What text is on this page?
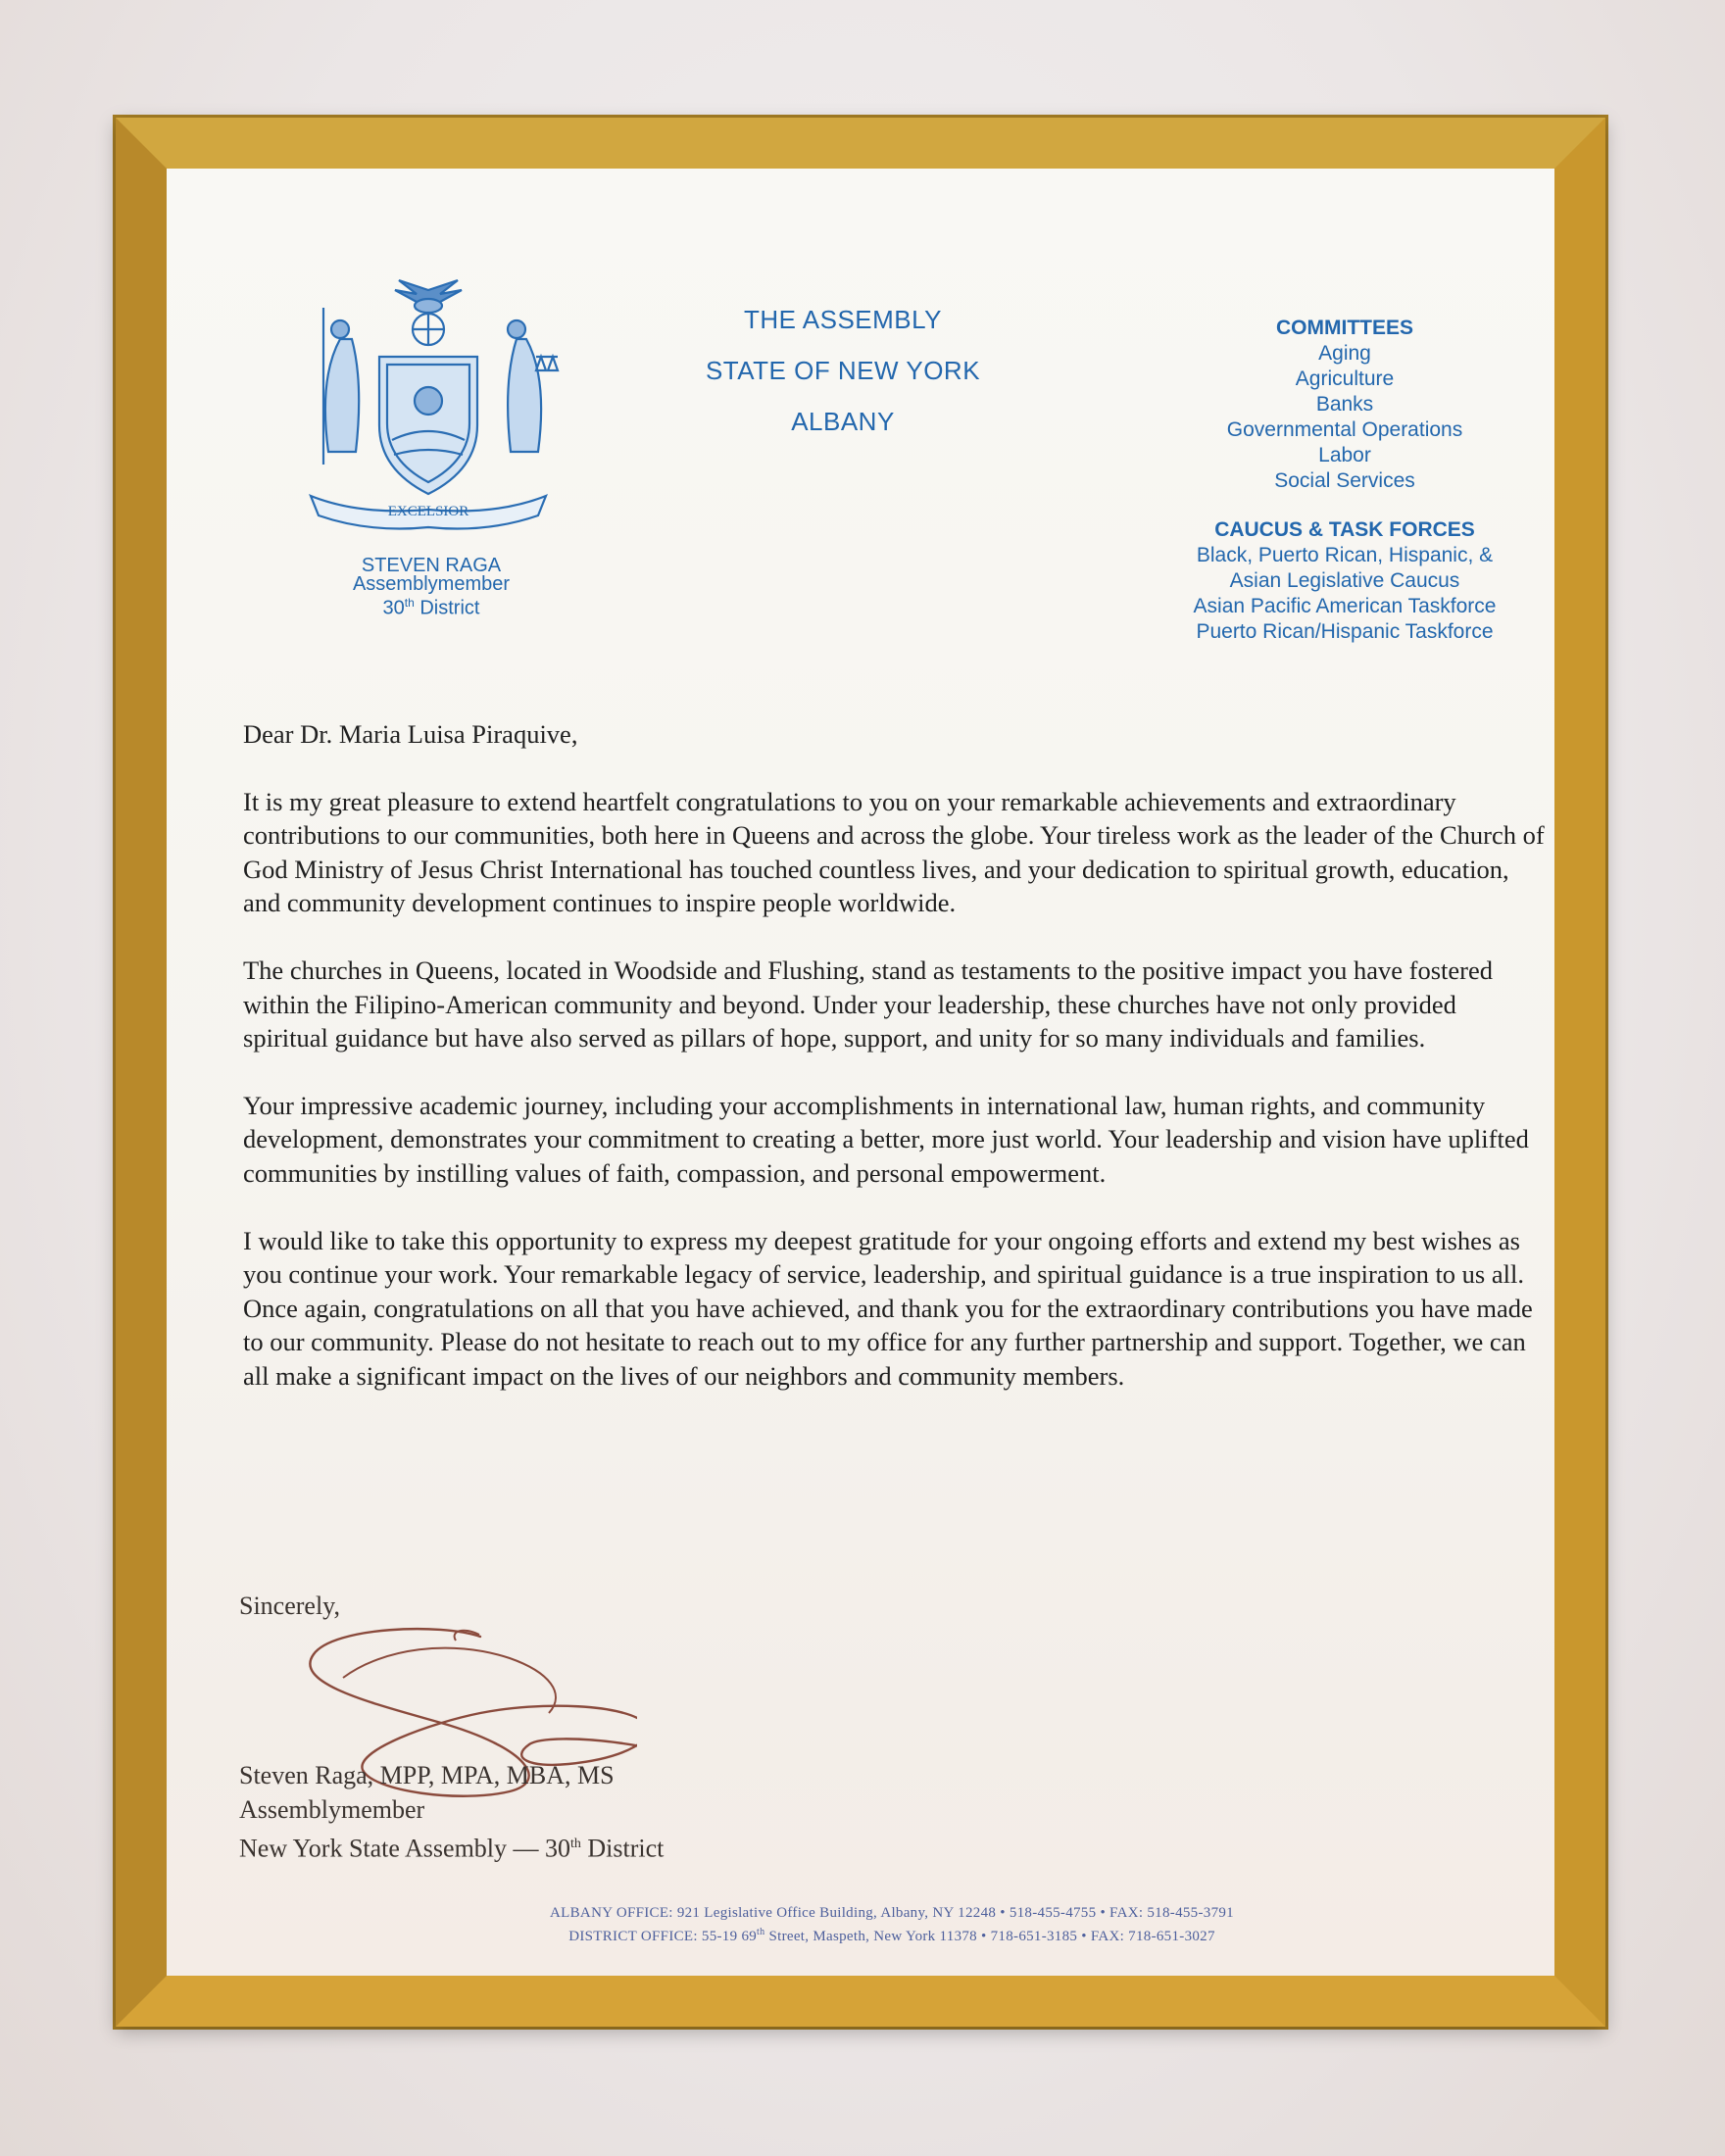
EXCELSIOR
STEVEN RAGA
Assemblymember
30th District
THE ASSEMBLY
STATE OF NEW YORK
ALBANY
COMMITTEES
Aging
Agriculture
Banks
Governmental Operations
Labor
Social Services
CAUCUS & TASK FORCES
Black, Puerto Rican, Hispanic, &
Asian Legislative Caucus
Asian Pacific American Taskforce
Puerto Rican/Hispanic Taskforce

Dear Dr. Maria Luisa Piraquive,

It is my great pleasure to extend heartfelt congratulations to you on your remarkable achievements and extraordinary contributions to our communities, both here in Queens and across the globe. Your tireless work as the leader of the Church of God Ministry of Jesus Christ International has touched countless lives, and your dedication to spiritual growth, education, and community development continues to inspire people worldwide.

The churches in Queens, located in Woodside and Flushing, stand as testaments to the positive impact you have fostered within the Filipino-American community and beyond. Under your leadership, these churches have not only provided spiritual guidance but have also served as pillars of hope, support, and unity for so many individuals and families.

Your impressive academic journey, including your accomplishments in international law, human rights, and community development, demonstrates your commitment to creating a better, more just world. Your leadership and vision have uplifted communities by instilling values of faith, compassion, and personal empowerment.

I would like to take this opportunity to express my deepest gratitude for your ongoing efforts and extend my best wishes as you continue your work. Your remarkable legacy of service, leadership, and spiritual guidance is a true inspiration to us all. Once again, congratulations on all that you have achieved, and thank you for the extraordinary contributions you have made to our community. Please do not hesitate to reach out to my office for any further partnership and support. Together, we can all make a significant impact on the lives of our neighbors and community members.

Sincerely,
Steven Raga, MPP, MPA, MBA, MS
Assemblymember
New York State Assembly — 30th District
ALBANY OFFICE: 921 Legislative Office Building, Albany, NY 12248 • 518-455-4755 • FAX: 518-455-3791
DISTRICT OFFICE: 55-19 69th Street, Maspeth, New York 11378 • 718-651-3185 • FAX: 718-651-3027
